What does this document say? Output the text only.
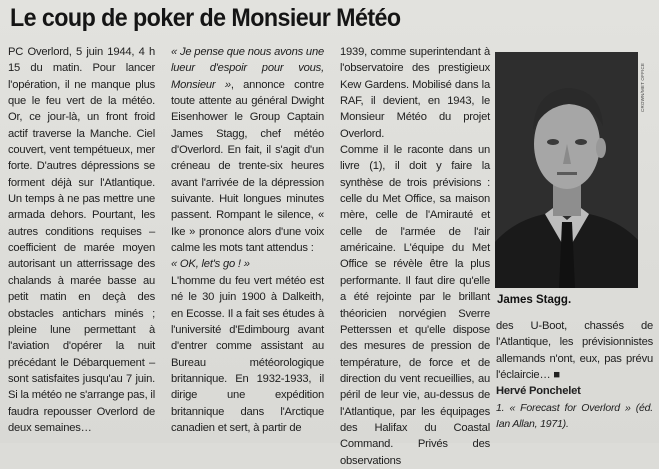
Le coup de poker de Monsieur Météo

PC Overlord, 5 juin 1944, 4 h 15 du matin. Pour lancer l'opération, il ne manque plus que le feu vert de la météo. Or, ce jour-là, un front froid actif traverse la Manche. Ciel couvert, vent tempétueux, mer forte. D'autres dépressions se forment déjà sur l'Atlantique. Un temps à ne pas mettre une armada dehors. Pourtant, les autres conditions requises – coefficient de marée moyen autorisant un atterrissage des chalands à marée basse au petit matin en deçà des obstacles antichars minés ; pleine lune permettant à l'aviation d'opérer la nuit précédant le Débarquement – sont satisfaites jusqu'au 7 juin. Si la météo ne s'arrange pas, il faudra repousser Overlord de deux semaines…

« Je pense que nous avons une lueur d'espoir pour vous, Monsieur », annonce contre toute attente au général Dwight Eisenhower le Group Captain James Stagg, chef météo d'Overlord. En fait, il s'agit d'un créneau de trente-six heures avant l'arrivée de la dépression suivante. Huit longues minutes passent. Rompant le silence, « Ike » prononce alors d'une voix calme les mots tant attendus :

« OK, let's go ! »

L'homme du feu vert météo est né le 30 juin 1900 à Dalkeith, en Ecosse. Il a fait ses études à l'université d'Edimbourg avant d'entrer comme assistant au Bureau météorologique britannique. En 1932-1933, il dirige une expédition britannique dans l'Arctique canadien et sert, à partir de

1939, comme superintendant à l'observatoire des prestigieux Kew Gardens. Mobilisé dans la RAF, il devient, en 1943, le Monsieur Météo du projet Overlord.

Comme il le raconte dans un livre (1), il doit y faire la synthèse de trois prévisions : celle du Met Office, sa maison mère, celle de l'Amirauté et celle de l'armée de l'air américaine. L'équipe du Met Office se révèle être la plus performante. Il faut dire qu'elle a été rejointe par le brillant théoricien norvégien Sverre Petterssen et qu'elle dispose des mesures de pression de température, de force et de direction du vent recueillies, au péril de leur vie, au-dessus de l'Atlantique, par les équipages des Halifax du Coastal Command. Privés des observations

CROWN/MET OFFICE
James Stagg.

des U-Boot, chassés de l'Atlantique, les prévisionnistes allemands n'ont, eux, pas prévu l'éclaircie… ■

Hervé Ponchelet

1. « Forecast for Overlord » (éd. Ian Allan, 1971).
